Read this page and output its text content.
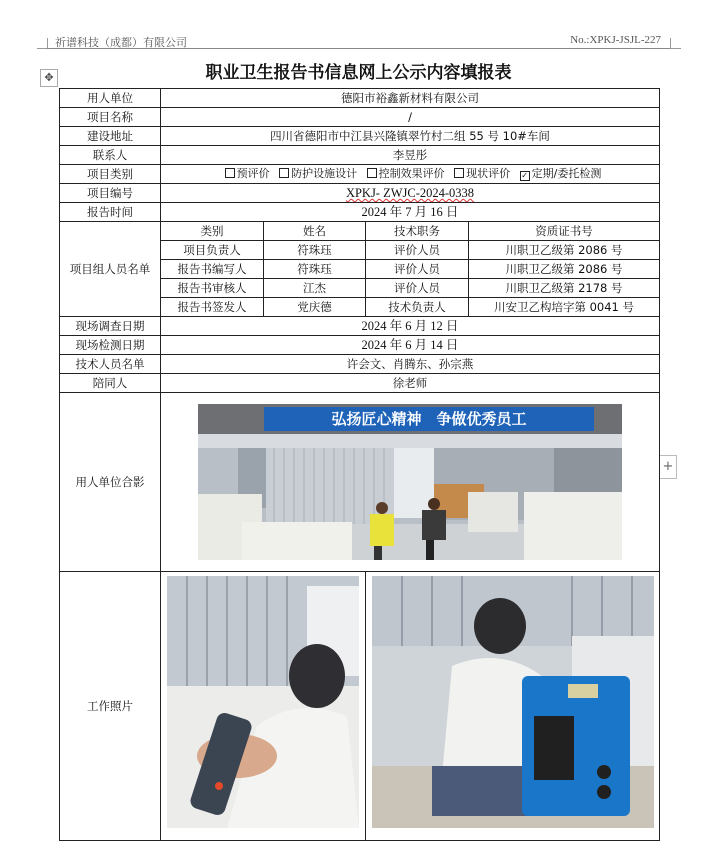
祈谱科技（成都）有限公司	No.:XPKJ-JSJL-227
✥
+
职业卫生报告书信息网上公示内容填报表
用人单位	德阳市裕鑫新材料有限公司			
项目名称	/			
建设地址	四川省德阳市中江县兴隆镇翠竹村二组 55 号 10#车间			
联系人	李昱彤			
项目类别	预评价 防护设施设计 控制效果评价 现状评价 ✓ 定期/委托检测			
项目编号	XPKJ- ZWJC-2024-0338			
报告时间	2024 年 7 月 16 日			
项目组人员名单	类别	姓名	技术职务	资质证书号
	项目负责人	符珠珏	评价人员	川职卫乙级第 2086 号
	报告书编写人	符珠珏	评价人员	川职卫乙级第 2086 号
	报告书审核人	江杰	评价人员	川职卫乙级第 2178 号
	报告书签发人	党庆德	技术负责人	川安卫乙构培字第 0041 号
现场调查日期	2024 年 6 月 12 日			
现场检测日期	2024 年 6 月 14 日			
技术人员名单	许会文、肖腾东、孙宗燕			
陪同人	徐老师			
用人单位合影	弘扬匠心精神　争做优秀员工			

工作照片	
